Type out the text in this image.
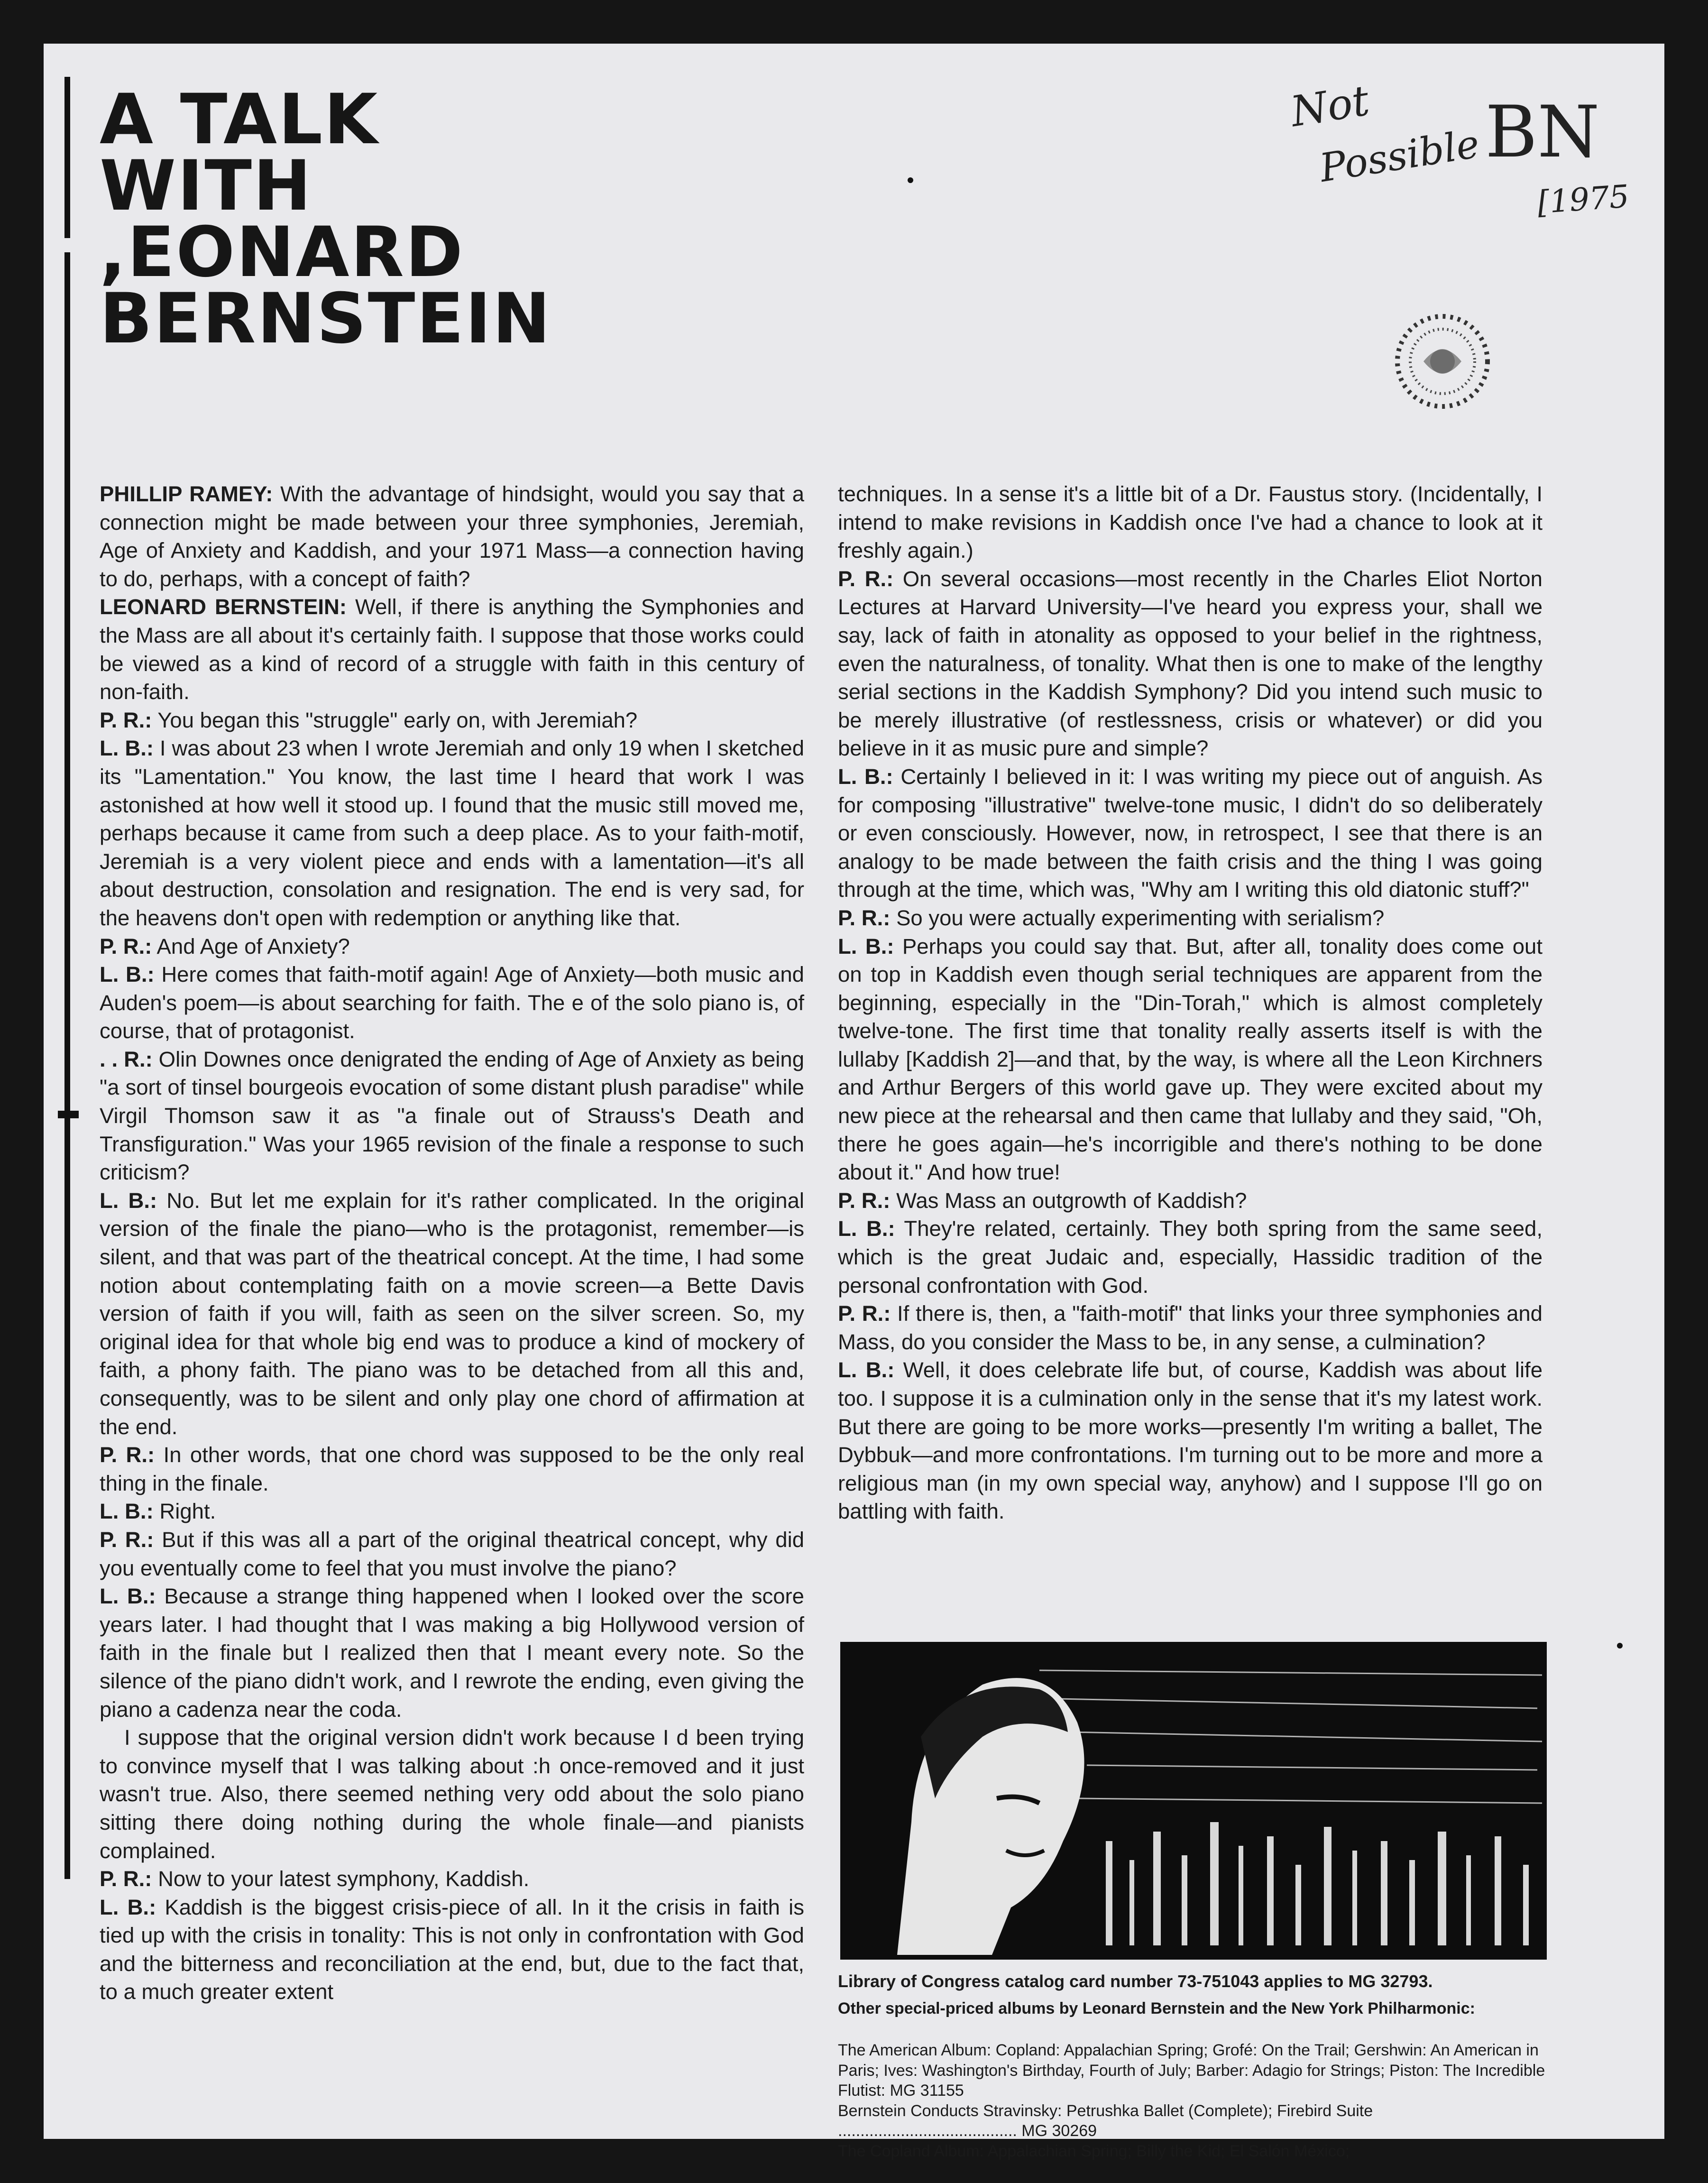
A TALK
WITH
,EONARD
BERNSTEIN
Not
Possible BN
[1975

PHILLIP RAMEY: With the advantage of hindsight, would you say that a connection might be made between your three symphonies, Jeremiah, Age of Anxiety and Kaddish, and your 1971 Mass—a connection having to do, perhaps, with a concept of faith?

LEONARD BERNSTEIN: Well, if there is anything the Symphonies and the Mass are all about it's certainly faith. I suppose that those works could be viewed as a kind of record of a struggle with faith in this century of non-faith.

P. R.: You began this "struggle" early on, with Jeremiah?

L. B.: I was about 23 when I wrote Jeremiah and only 19 when I sketched its "Lamentation." You know, the last time I heard that work I was astonished at how well it stood up. I found that the music still moved me, perhaps because it came from such a deep place. As to your faith-motif, Jeremiah is a very violent piece and ends with a lamentation—it's all about destruction, consolation and resignation. The end is very sad, for the heavens don't open with redemption or anything like that.

P. R.: And Age of Anxiety?

L. B.: Here comes that faith-motif again! Age of Anxiety—both music and Auden's poem—is about searching for faith. The e of the solo piano is, of course, that of protagonist.

. . R.: Olin Downes once denigrated the ending of Age of Anxiety as being "a sort of tinsel bourgeois evocation of some distant plush paradise" while Virgil Thomson saw it as "a finale out of Strauss's Death and Transfiguration." Was your 1965 revision of the finale a response to such criticism?

L. B.: No. But let me explain for it's rather complicated. In the original version of the finale the piano—who is the protagonist, remember—is silent, and that was part of the theatrical concept. At the time, I had some notion about contemplating faith on a movie screen—a Bette Davis version of faith if you will, faith as seen on the silver screen. So, my original idea for that whole big end was to produce a kind of mockery of faith, a phony faith. The piano was to be detached from all this and, consequently, was to be silent and only play one chord of affirmation at the end.

P. R.: In other words, that one chord was supposed to be the only real thing in the finale.

L. B.: Right.

P. R.: But if this was all a part of the original theatrical concept, why did you eventually come to feel that you must involve the piano?

L. B.: Because a strange thing happened when I looked over the score years later. I had thought that I was making a big Hollywood version of faith in the finale but I realized then that I meant every note. So the silence of the piano didn't work, and I rewrote the ending, even giving the piano a cadenza near the coda.

I suppose that the original version didn't work because I d been trying to convince myself that I was talking about :h once-removed and it just wasn't true. Also, there seemed nething very odd about the solo piano sitting there doing nothing during the whole finale—and pianists complained.

P. R.: Now to your latest symphony, Kaddish.

L. B.: Kaddish is the biggest crisis-piece of all. In it the crisis in faith is tied up with the crisis in tonality: This is not only in confrontation with God and the bitterness and reconciliation at the end, but, due to the fact that, to a much greater extent

techniques. In a sense it's a little bit of a Dr. Faustus story. (Incidentally, I intend to make revisions in Kaddish once I've had a chance to look at it freshly again.)

P. R.: On several occasions—most recently in the Charles Eliot Norton Lectures at Harvard University—I've heard you express your, shall we say, lack of faith in atonality as opposed to your belief in the rightness, even the naturalness, of tonality. What then is one to make of the lengthy serial sections in the Kaddish Symphony? Did you intend such music to be merely illustrative (of restlessness, crisis or whatever) or did you believe in it as music pure and simple?

L. B.: Certainly I believed in it: I was writing my piece out of anguish. As for composing "illustrative" twelve-tone music, I didn't do so deliberately or even consciously. However, now, in retrospect, I see that there is an analogy to be made between the faith crisis and the thing I was going through at the time, which was, "Why am I writing this old diatonic stuff?"

P. R.: So you were actually experimenting with serialism?

L. B.: Perhaps you could say that. But, after all, tonality does come out on top in Kaddish even though serial techniques are apparent from the beginning, especially in the "Din-Torah," which is almost completely twelve-tone. The first time that tonality really asserts itself is with the lullaby [Kaddish 2]—and that, by the way, is where all the Leon Kirchners and Arthur Bergers of this world gave up. They were excited about my new piece at the rehearsal and then came that lullaby and they said, "Oh, there he goes again—he's incorrigible and there's nothing to be done about it." And how true!

P. R.: Was Mass an outgrowth of Kaddish?

L. B.: They're related, certainly. They both spring from the same seed, which is the great Judaic and, especially, Hassidic tradition of the personal confrontation with God.

P. R.: If there is, then, a "faith-motif" that links your three symphonies and Mass, do you consider the Mass to be, in any sense, a culmination?

L. B.: Well, it does celebrate life but, of course, Kaddish was about life too. I suppose it is a culmination only in the sense that it's my latest work. But there are going to be more works—presently I'm writing a ballet, The Dybbuk—and more confrontations. I'm turning out to be more and more a religious man (in my own special way, anyhow) and I suppose I'll go on battling with faith.

Library of Congress catalog card number 73-751043 applies to MG 32793.
Other special-priced albums by Leonard Bernstein and the New York Philharmonic:

The American Album: Copland: Appalachian Spring; Grofé: On the Trail; Gershwin: An American in Paris; Ives: Washington's Birthday, Fourth of July; Barber: Adagio for Strings; Piston: The Incredible Flutist: MG 31155

Bernstein Conducts Stravinsky: Petrushka Ballet (Complete); Firebird Suite ........................................ MG 30269

The Copland Album: Appalachian Spring; Billy the Kid; El Salón México;
